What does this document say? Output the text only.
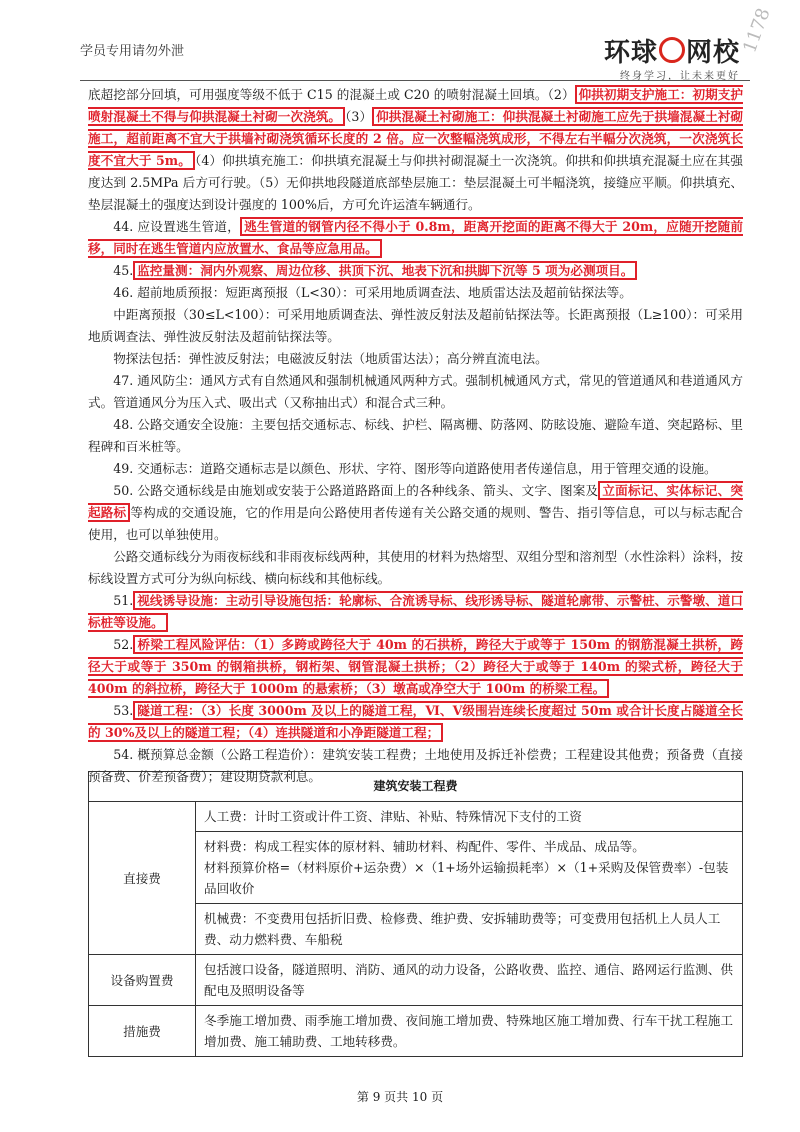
学员专用请勿外泄	环球 网校
终身学习，让未来更好
1178

底超挖部分回填，可用强度等级不低于 C15 的混凝土或 C20 的喷射混凝土回填。（2） 仰拱初期支护施工：初期支护喷射混凝土不得与仰拱混凝土衬砌一次浇筑。 （3） 仰拱混凝土衬砌施工：仰拱混凝土衬砌施工应先于拱墙混凝土衬砌施工，超前距离不宜大于拱墙衬砌浇筑循环长度的 2 倍。应一次整幅浇筑成形，不得左右半幅分次浇筑，一次浇筑长度不宜大于 5m。 （4）仰拱填充施工：仰拱填充混凝土与仰拱衬砌混凝土一次浇筑。仰拱和仰拱填充混凝土应在其强度达到 2.5MPa 后方可行驶。（5）无仰拱地段隧道底部垫层施工：垫层混凝土可半幅浇筑，接缝应平顺。仰拱填充、垫层混凝土的强度达到设计强度的 100%后，方可允许运渣车辆通行。

44. 应设置逃生管道， 逃生管道的钢管内径不得小于 0.8m，距离开挖面的距离不得大于 20m，应随开挖随前移，同时在逃生管道内应放置水、食品等应急用品。

45. 监控量测：洞内外观察、周边位移、拱顶下沉、地表下沉和拱脚下沉等 5 项为必测项目。

46. 超前地质预报：短距离预报（L<30）：可采用地质调查法、地质雷达法及超前钻探法等。

中距离预报（30≤L<100）：可采用地质调查法、弹性波反射法及超前钻探法等。长距离预报（L≥100）：可采用地质调查法、弹性波反射法及超前钻探法等。

物探法包括：弹性波反射法；电磁波反射法（地质雷达法）；高分辨直流电法。

47. 通风防尘：通风方式有自然通风和强制机械通风两种方式。强制机械通风方式，常见的管道通风和巷道通风方式。管道通风分为压入式、吸出式（又称抽出式）和混合式三种。

48. 公路交通安全设施：主要包括交通标志、标线、护栏、隔离栅、防落网、防眩设施、避险车道、突起路标、里程碑和百米桩等。

49. 交通标志：道路交通标志是以颜色、形状、字符、图形等向道路使用者传递信息，用于管理交通的设施。

50. 公路交通标线是由施划或安装于公路道路路面上的各种线条、箭头、文字、图案及 立面标记、实体标记、突起路标 等构成的交通设施，它的作用是向公路使用者传递有关公路交通的规则、警告、指引等信息，可以与标志配合使用，也可以单独使用。

公路交通标线分为雨夜标线和非雨夜标线两种，其使用的材料为热熔型、双组分型和溶剂型（水性涂料）涂料，按标线设置方式可分为纵向标线、横向标线和其他标线。

51. 视线诱导设施：主动引导设施包括：轮廓标、合流诱导标、线形诱导标、隧道轮廓带、示警桩、示警墩、道口标桩等设施。

52. 桥梁工程风险评估：（1）多跨或跨径大于 40m 的石拱桥，跨径大于或等于 150m 的钢筋混凝土拱桥，跨径大于或等于 350m 的钢箱拱桥，钢桁架、钢管混凝土拱桥；（2）跨径大于或等于 140m 的梁式桥，跨径大于 400m 的斜拉桥，跨径大于 1000m 的悬索桥；（3）墩高或净空大于 100m 的桥梁工程。

53. 隧道工程：（3）长度 3000m 及以上的隧道工程，Ⅵ、Ⅴ级围岩连续长度超过 50m 或合计长度占隧道全长的 30%及以上的隧道工程；（4）连拱隧道和小净距隧道工程；

54. 概预算总金额（公路工程造价）：建筑安装工程费；土地使用及拆迁补偿费；工程建设其他费；预备费（直接预备费、价差预备费）；建设期贷款利息。

建筑安装工程费	
直接费	人工费：计时工资或计件工资、津贴、补贴、特殊情况下支付的工资

	材料费：构成工程实体的原材料、辅助材料、构配件、零件、半成品、成品等。
材料预算价格=（材料原价+运杂费）×（1+场外运输损耗率）×（1+采购及保管费率）-包装品回收价

	机械费：不变费用包括折旧费、检修费、维护费、安拆辅助费等；可变费用包括机上人员人工费、动力燃料费、车船税
设备购置费	包括渡口设备，隧道照明、消防、通风的动力设备，公路收费、监控、通信、路网运行监测、供配电及照明设备等
措施费	冬季施工增加费、雨季施工增加费、夜间施工增加费、特殊地区施工增加费、行车干扰工程施工增加费、施工辅助费、工地转移费。
第 9 页共 10 页
